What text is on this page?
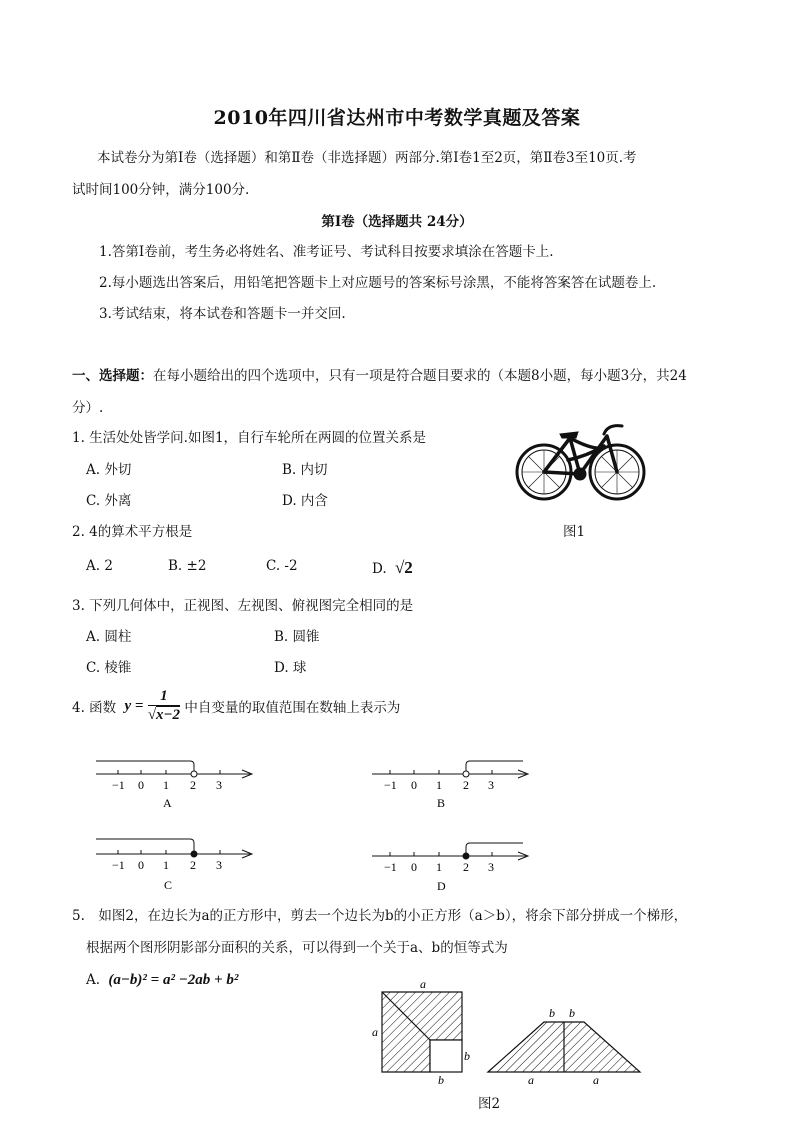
2010年四川省达州市中考数学真题及答案
本试卷分为第Ⅰ卷（选择题）和第Ⅱ卷（非选择题）两部分.第Ⅰ卷1至2页，第Ⅱ卷3至10页.考
试时间100分钟，满分100分.
第Ⅰ卷（选择题共 24分）
1.答第Ⅰ卷前，考生务必将姓名、准考证号、考试科目按要求填涂在答题卡上.
2.每小题选出答案后，用铅笔把答题卡上对应题号的答案标号涂黑，不能将答案答在试题卷上.
3.考试结束，将本试卷和答题卡一并交回.
一、选择题：在每小题给出的四个选项中，只有一项是符合题目要求的（本题8小题，每小题3分，共24
分）.
1. 生活处处皆学问.如图1，自行车轮所在两圆的位置关系是
A. 外切	B. 内切
C. 外离	D. 内含
图1
2. 4的算术平方根是
A. 2	B. ±2	C. -2	D. √2
3. 下列几何体中，正视图、左视图、俯视图完全相同的是
A. 圆柱	B. 圆锥
C. 棱锥	D. 球
4. 函数 $y = \frac{1}{√x-2}$ 中自变量的取值范围在数轴上表示为
−1 0 1 2 3
A
−1 0 1 2 3
B
−1 0 1 2 3
C
−1 0 1 2 3
D
5.　如图2，在边长为a的正方形中，剪去一个边长为b的小正方形（a＞b），将余下部分拼成一个梯形，
根据两个图形阴影部分面积的关系，可以得到一个关于a、b的恒等式为
A. (a−b)² = a² −2ab + b²	a
a
b
b
b b
a	a
图2
